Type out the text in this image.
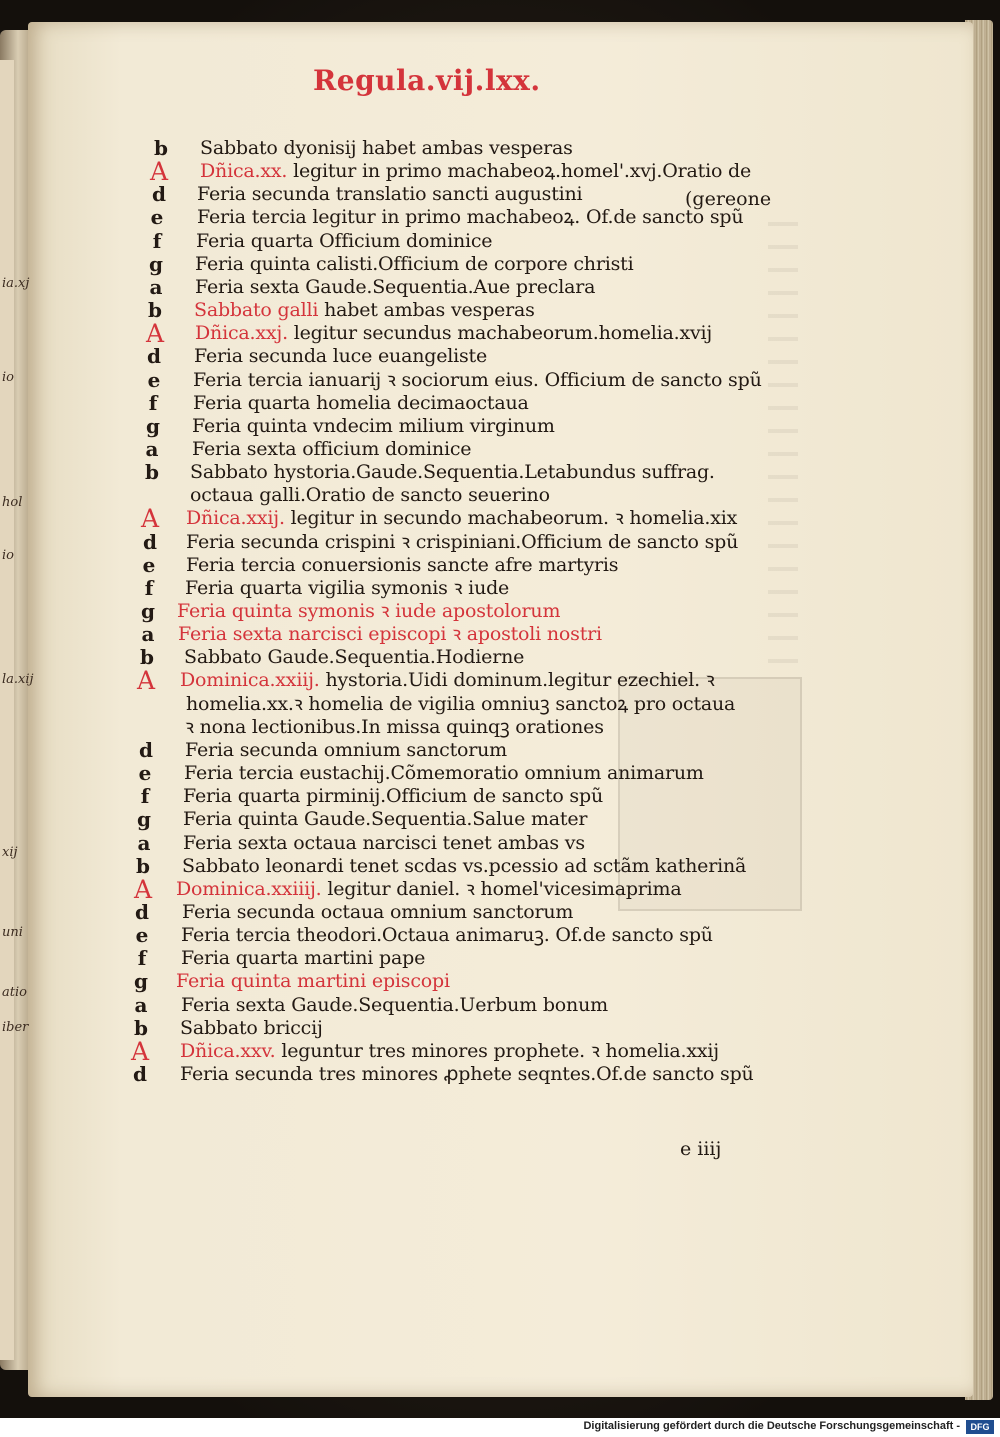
ia.xj
io
hol
io
la.xij
xij
uni
atio
iber
Regula.vij.lxx.
b	Sabbato dyonisij habet ambas vesperas
A Dñica.xx. legitur in primo machabeoꝝ.homel'.xvj.Oratio de
d	Feria secunda translatio sancti augustini
e	Feria tercia legitur in primo machabeoꝝ. Of.de sancto spũ
f	Feria quarta Officium dominice
g	Feria quinta calisti.Officium de corpore christi
a	Feria sexta Gaude.Sequentia.Aue preclara
b	Sabbato galli habet ambas vesperas
A Dñica.xxj. legitur secundus machabeorum.homelia.xvij
d	Feria secunda luce euangeliste
e	Feria tercia ianuarij ꝛ sociorum eius. Officium de sancto spũ
f	Feria quarta homelia decimaoctaua
g	Feria quinta vndecim milium virginum
a	Feria sexta officium dominice
b	Sabbato hystoria.Gaude.Sequentia.Letabundus suffrag.
octaua galli.Oratio de sancto seuerino
A Dñica.xxij. legitur in secundo machabeorum. ꝛ homelia.xix
d	Feria secunda crispini ꝛ crispiniani.Officium de sancto spũ
e	Feria tercia conuersionis sancte afre martyris
f	Feria quarta vigilia symonis ꝛ iude
g	Feria quinta symonis ꝛ iude apostolorum
a	Feria sexta narcisci episcopi ꝛ apostoli nostri
b	Sabbato Gaude.Sequentia.Hodierne
A Dominica.xxiij. hystoria.Uidi dominum.legitur ezechiel. ꝛ
homelia.xx.ꝛ homelia de vigilia omniuꝫ sanctoꝝ pro octaua
ꝛ nona lectionibus.In missa quinqꝫ orationes
d	Feria secunda omnium sanctorum
e	Feria tercia eustachij.Cõmemoratio omnium animarum
f	Feria quarta pirminij.Officium de sancto spũ
g	Feria quinta Gaude.Sequentia.Salue mater
a	Feria sexta octaua narcisci tenet ambas vs
b	Sabbato leonardi tenet scdas vs.pcessio ad sctãm katherinã
A Dominica.xxiiij. legitur daniel. ꝛ homel'vicesimaprima
d	Feria secunda octaua omnium sanctorum
e	Feria tercia theodori.Octaua animaruꝫ. Of.de sancto spũ
f	Feria quarta martini pape
g	Feria quinta martini episcopi
a	Feria sexta Gaude.Sequentia.Uerbum bonum
b	Sabbato briccij
A Dñica.xxv. leguntur tres minores prophete. ꝛ homelia.xxij
d	Feria secunda tres minores ꝓphete seqntes.Of.de sancto spũ
(gereone
e iiij
Digitalisierung gefördert durch die Deutsche Forschungsgemeinschaft -	DFG
